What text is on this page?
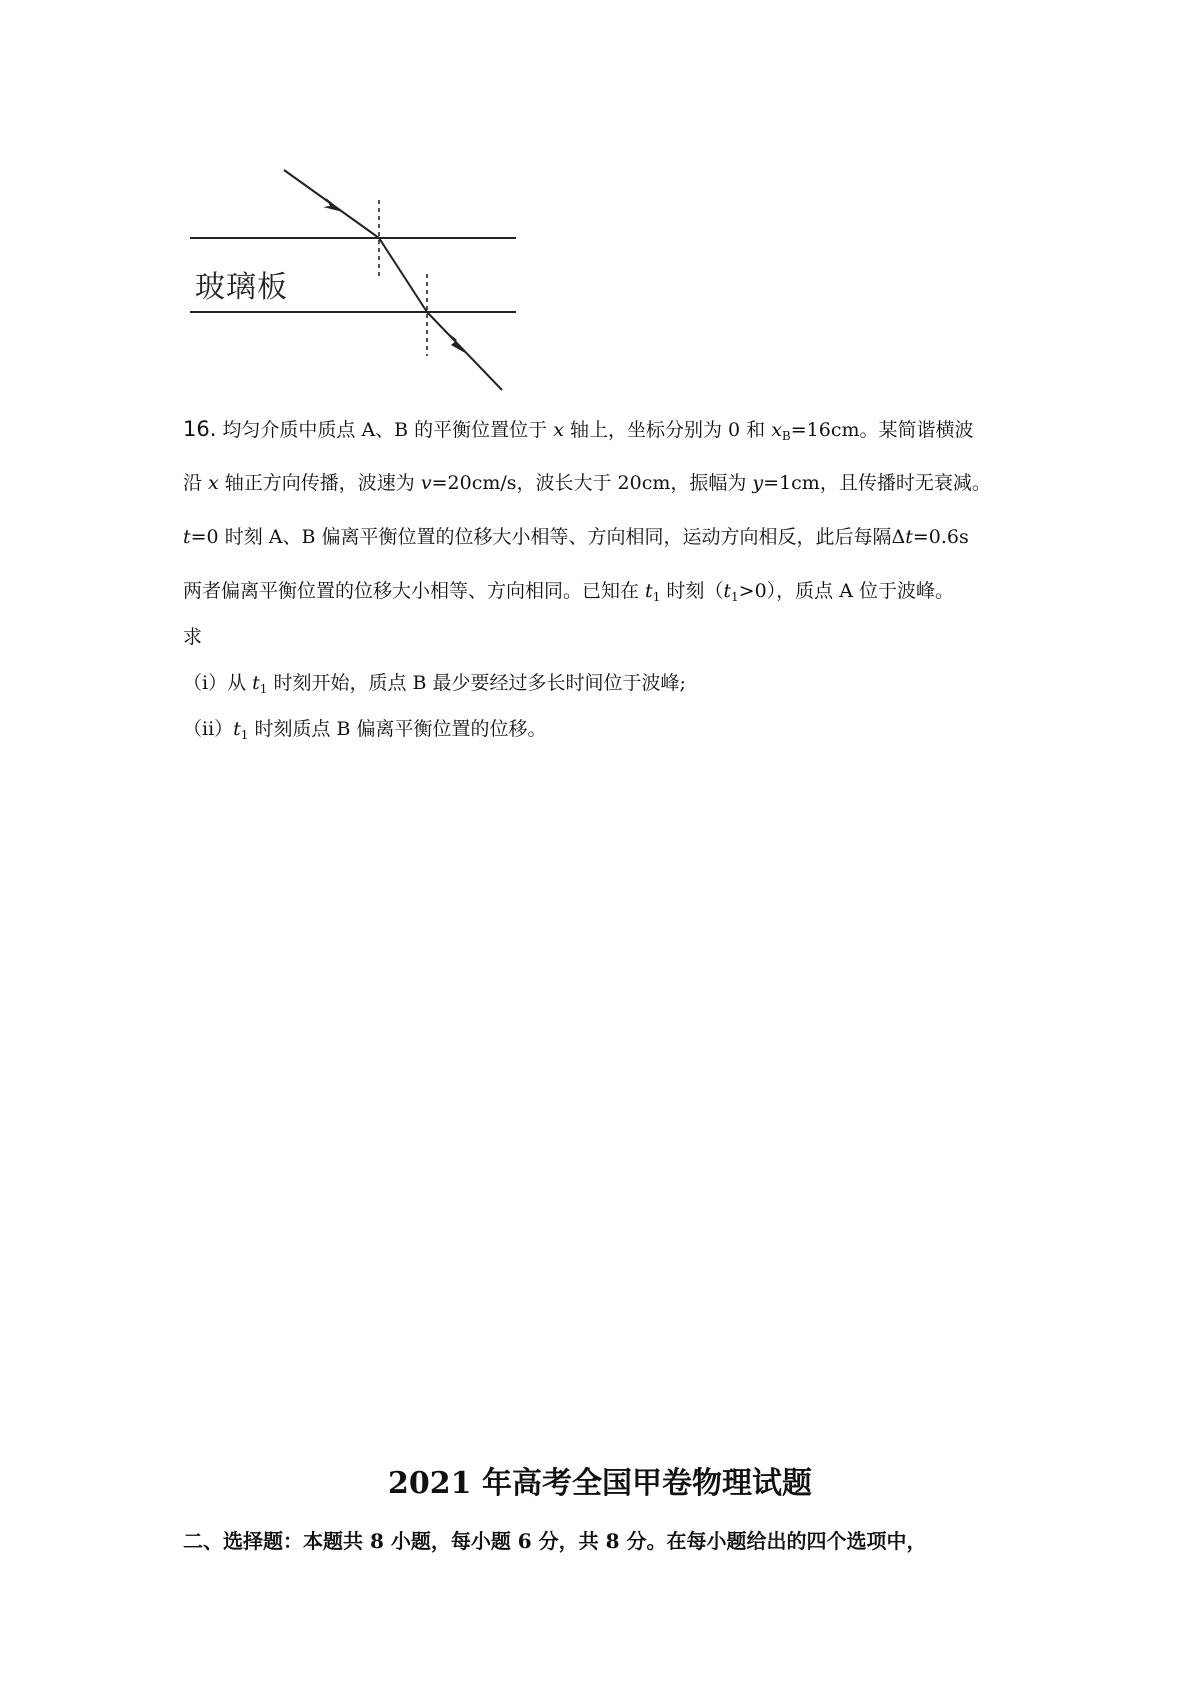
玻璃板
16. 均匀介质中质点 A、B 的平衡位置位于 x 轴上，坐标分别为 0 和 $x_B=16cm$。某简谐横波
沿 x 轴正方向传播，波速为 v=20cm/s，波长大于 20cm，振幅为 y=1cm，且传播时无衰减。
t=0 时刻 A、B 偏离平衡位置的位移大小相等、方向相同，运动方向相反，此后每隔Δt=0.6s
两者偏离平衡位置的位移大小相等、方向相同。已知在 $t_1$ 时刻$(t_1>0)$，质点 A 位于波峰。
求
（i）从 $t_1$ 时刻开始，质点 B 最少要经过多长时间位于波峰;
$(ii)t_1$ 时刻质点 B 偏离平衡位置的位移。
2021 年高考全国甲卷物理试题
二、选择题：本题共 8 小题，每小题 6 分，共 8 分。在每小题给出的四个选项中，
